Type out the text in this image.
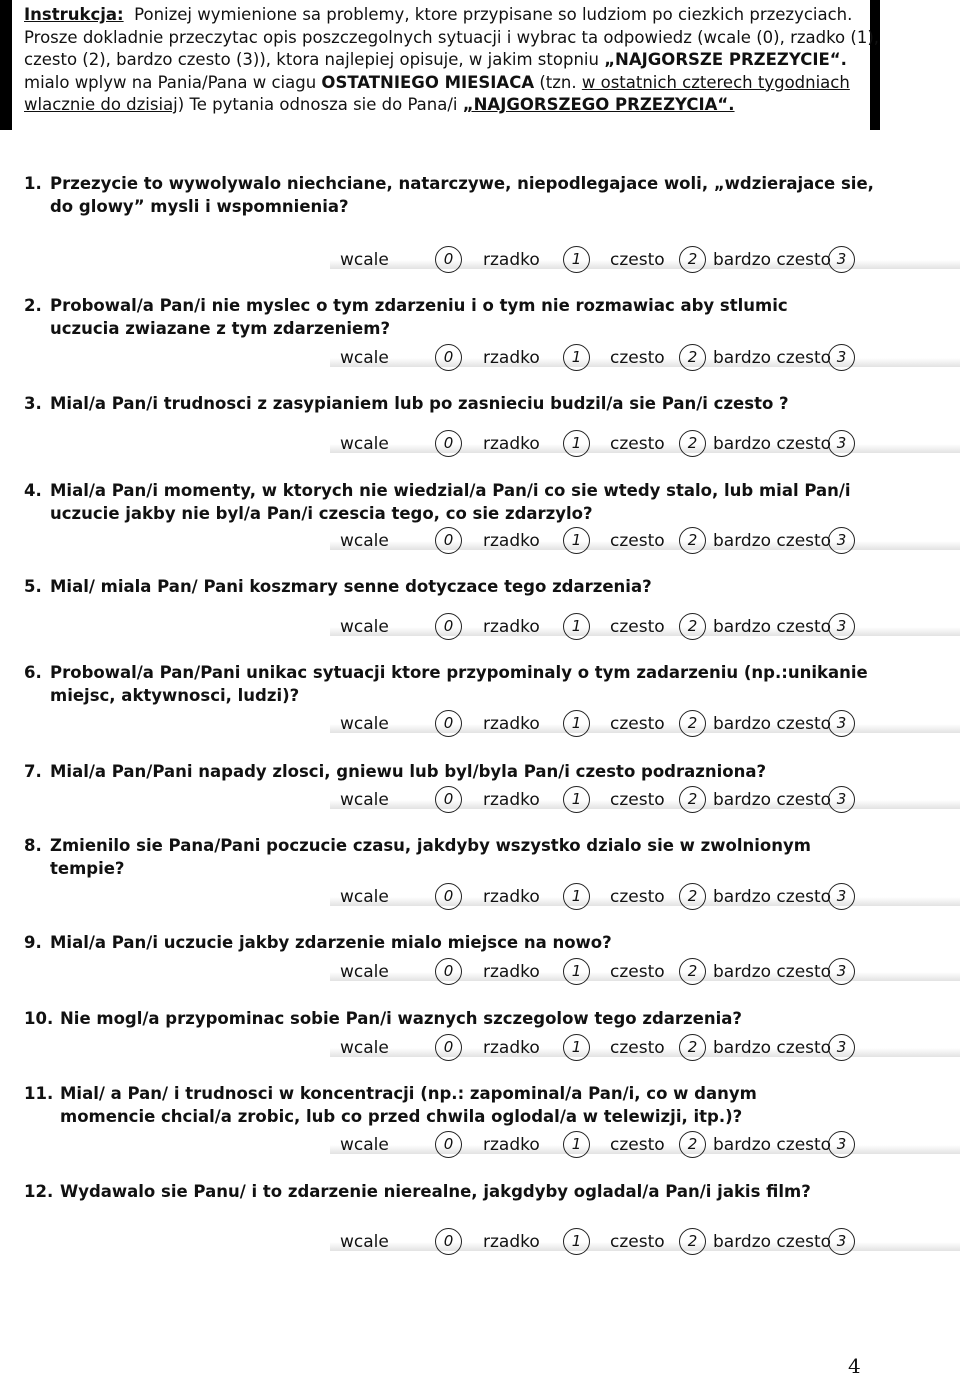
Instrukcja: Ponizej wymienione sa problemy, ktore przypisane so ludziom po ciezkich przezyciach.
Prosze dokladnie przeczytac opis poszczegolnych sytuacji i wybrac ta odpowiedz (wcale (0), rzadko (1),
czesto (2), bardzo czesto (3)), ktora najlepiej opisuje, w jakim stopniu „NAJGORSZE PRZEZYCIE“.
mialo wplyw na Pania/Pana w ciagu OSTATNIEGO MIESIACA (tzn. w ostatnich czterech tygodniach
wlacznie do dzisiaj) Te pytania odnosza sie do Pana/i „NAJGORSZEGO PRZEZYCIA“.
1. Przezycie to wywolywalo niechciane, natarczywe, niepodlegajace woli, „wdzierajace sie,
do glowy” mysli i wspomnienia?
wcale	0	rzadko	1	czesto	2 bardzo czesto 3
2. Probowal/a Pan/i nie myslec o tym zdarzeniu i o tym nie rozmawiac aby stlumic
uczucia zwiazane z tym zdarzeniem?
wcale	0	rzadko	1	czesto	2 bardzo czesto 3
3. Mial/a Pan/i trudnosci z zasypianiem lub po zasnieciu budzil/a sie Pan/i czesto ?
wcale	0	rzadko	1	czesto	2 bardzo czesto 3
4. Mial/a Pan/i momenty, w ktorych nie wiedzial/a Pan/i co sie wtedy stalo, lub mial Pan/i
uczucie jakby nie byl/a Pan/i czescia tego, co sie zdarzylo?
wcale	0	rzadko	1	czesto	2 bardzo czesto 3
5. Mial/ miala Pan/ Pani koszmary senne dotyczace tego zdarzenia?
wcale	0	rzadko	1	czesto	2 bardzo czesto 3
6. Probowal/a Pan/Pani unikac sytuacji ktore przypominaly o tym zadarzeniu (np.:unikanie
miejsc, aktywnosci, ludzi)?
wcale	0	rzadko	1	czesto	2 bardzo czesto 3
7. Mial/a Pan/Pani napady zlosci, gniewu lub byl/byla Pan/i czesto podrazniona?
wcale	0	rzadko	1	czesto	2 bardzo czesto 3
8. Zmienilo sie Pana/Pani poczucie czasu, jakdyby wszystko dzialo sie w zwolnionym
tempie?
wcale	0	rzadko	1	czesto	2 bardzo czesto 3
9. Mial/a Pan/i uczucie jakby zdarzenie mialo miejsce na nowo?
wcale	0	rzadko	1	czesto	2 bardzo czesto 3
10. Nie mogl/a przypominac sobie Pan/i waznych szczegolow tego zdarzenia?
wcale	0	rzadko	1	czesto	2 bardzo czesto 3
11. Mial/ a Pan/ i trudnosci w koncentracji (np.: zapominal/a Pan/i, co w danym
momencie chcial/a zrobic, lub co przed chwila oglodal/a w telewizji, itp.)?
wcale	0	rzadko	1	czesto	2 bardzo czesto 3
12. Wydawalo sie Panu/ i to zdarzenie nierealne, jakgdyby ogladal/a Pan/i jakis film?
wcale	0	rzadko	1	czesto	2 bardzo czesto 3
4
